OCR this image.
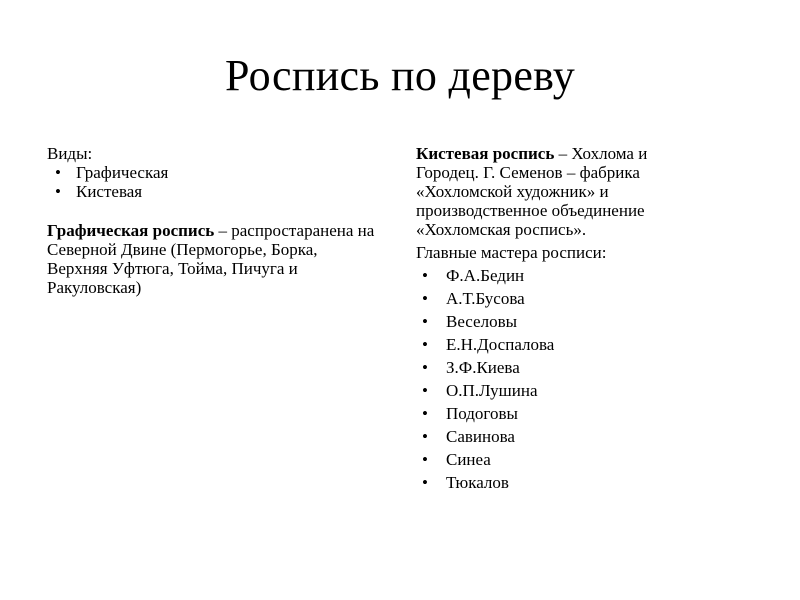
Роспись по дереву

Виды:

• Графическая
• Кистевая

Графическая роспись – распростаранена на Северной Двине (Пермогорье, Борка, Верхняя Уфтюга, Тойма, Пичуга и Ракуловская)

Кистевая роспись – Хохлома и Городец. Г. Семенов – фабрика «Хохломской художник» и производственное объединение «Хохломская роспись».

Главные мастера росписи:

• Ф.А.Бедин
• А.Т.Бусова
• Веселовы
• Е.Н.Доспалова
• З.Ф.Киева
• О.П.Лушина
• Подоговы
• Савинова
• Синеа
• Тюкалов
